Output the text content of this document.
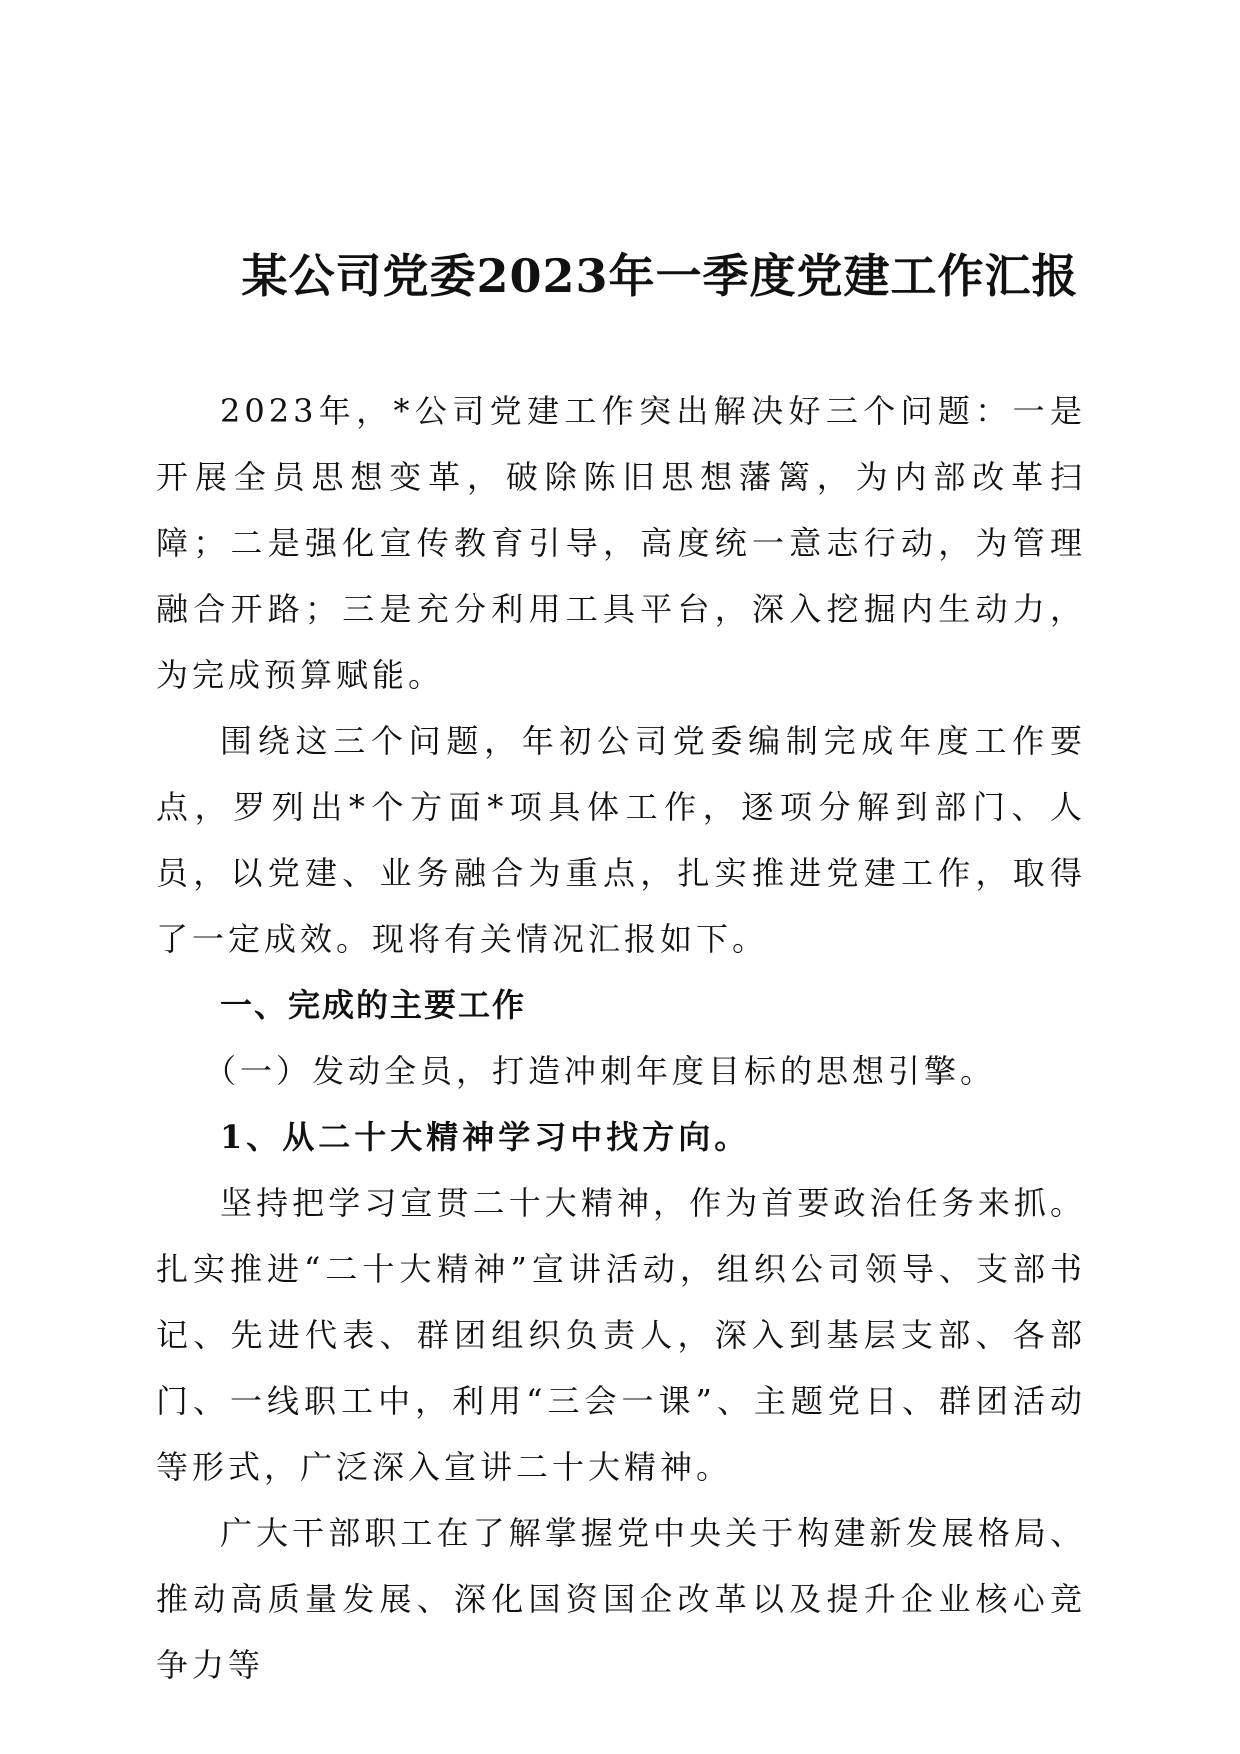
某公司党委2023年一季度党建工作汇报

2023年，*公司党建工作突出解决好三个问题：一是开展全员思想变革，破除陈旧思想藩篱，为内部改革扫障；二是强化宣传教育引导，高度统一意志行动，为管理融合开路；三是充分利用工具平台，深入挖掘内生动力，为完成预算赋能。

围绕这三个问题，年初公司党委编制完成年度工作要点，罗列出*个方面*项具体工作，逐项分解到部门、人员，以党建、业务融合为重点，扎实推进党建工作，取得了一定成效。现将有关情况汇报如下。

一、完成的主要工作

（一）发动全员，打造冲刺年度目标的思想引擎。

1、从二十大精神学习中找方向。

坚持把学习宣贯二十大精神，作为首要政治任务来抓。扎实推进“二十大精神”宣讲活动，组织公司领导、支部书记、先进代表、群团组织负责人，深入到基层支部、各部门、一线职工中，利用“三会一课”、主题党日、群团活动等形式，广泛深入宣讲二十大精神。

广大干部职工在了解掌握党中央关于构建新发展格局、推动高质量发展、深化国资国企改革以及提升企业核心竞争力等
